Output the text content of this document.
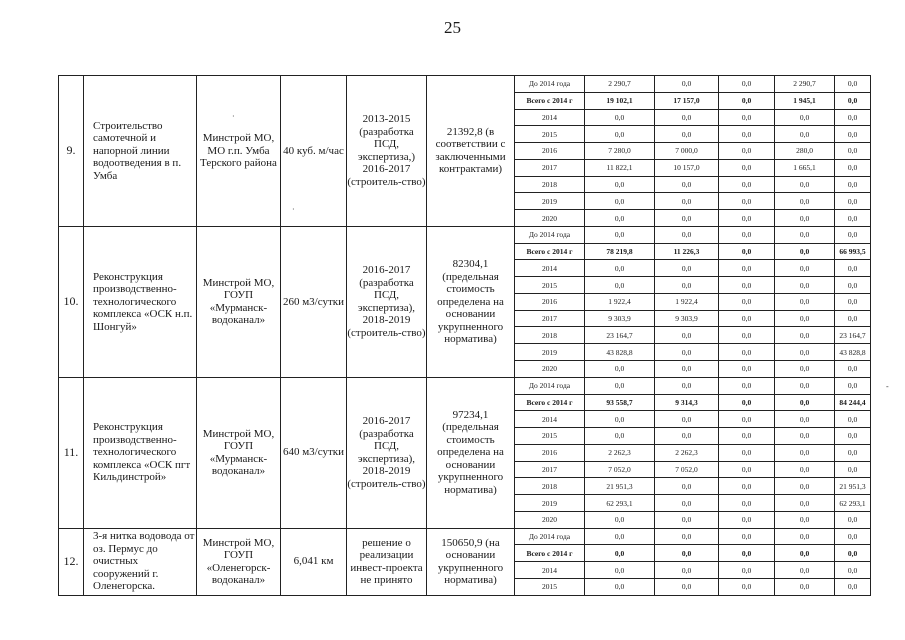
25
9.	Строительство самотечной и напорной линии водоотведения в п. Умба	Минстрой МО, МО г.п. Умба Терского района	40 куб. м/час	2013-2015 (разработка ПСД, экспертиза,) 2016-2017 (строитель-ство)	21392,8 (в соответствии с заключенными контрактами)	До 2014 года	2 290,7	0,0	0,0	2 290,7	0,0	
						Всего с 2014 г	19 102,1	17 157,0	0,0	1 945,1	0,0	
						2014	0,0	0,0	0,0	0,0	0,0	
						2015	0,0	0,0	0,0	0,0	0,0	
						2016	7 280,0	7 000,0	0,0	280,0	0,0	
						2017	11 822,1	10 157,0	0,0	1 665,1	0,0	
						2018	0,0	0,0	0,0	0,0	0,0	
						2019	0,0	0,0	0,0	0,0	0,0	
						2020	0,0	0,0	0,0	0,0	0,0	
10.	Реконструкция производственно-технологического комплекса «ОСК н.п. Шонгуй»	Минстрой МО, ГОУП «Мурманск-водоканал»	260 м3/сутки	2016-2017 (разработка ПСД, экспертиза), 2018-2019 (строитель-ство)	82304,1 (предельная стоимость определена на основании укрупненного норматива)	До 2014 года	0,0	0,0	0,0	0,0	0,0	
						Всего с 2014 г	78 219,8	11 226,3	0,0	0,0	66 993,5	
						2014	0,0	0,0	0,0	0,0	0,0	
						2015	0,0	0,0	0,0	0,0	0,0	
						2016	1 922,4	1 922,4	0,0	0,0	0,0	
						2017	9 303,9	9 303,9	0,0	0,0	0,0	
						2018	23 164,7	0,0	0,0	0,0	23 164,7	
						2019	43 828,8	0,0	0,0	0,0	43 828,8	
						2020	0,0	0,0	0,0	0,0	0,0	
11.	Реконструкция производственно-технологического комплекса «ОСК пгт Кильдинстрой»	Минстрой МО, ГОУП «Мурманск-водоканал»	640 м3/сутки	2016-2017 (разработка ПСД, экспертиза), 2018-2019 (строитель-ство)	97234,1 (предельная стоимость определена на основании укрупненного норматива)	До 2014 года	0,0	0,0	0,0	0,0	0,0	
						Всего с 2014 г	93 558,7	9 314,3	0,0	0,0	84 244,4	
						2014	0,0	0,0	0,0	0,0	0,0	
						2015	0,0	0,0	0,0	0,0	0,0	
						2016	2 262,3	2 262,3	0,0	0,0	0,0	
						2017	7 052,0	7 052,0	0,0	0,0	0,0	
						2018	21 951,3	0,0	0,0	0,0	21 951,3	
						2019	62 293,1	0,0	0,0	0,0	62 293,1	
						2020	0,0	0,0	0,0	0,0	0,0	
12.	3-я нитка водовода от оз. Пермус до очистных сооружений г. Оленегорска.	Минстрой МО, ГОУП «Оленегорск-водоканал»	6,041 км	решение о реализации инвест-проекта не принято	150650,9 (на основании укрупненного норматива)	До 2014 года	0,0	0,0	0,0	0,0	0,0	
						Всего с 2014 г	0,0	0,0	0,0	0,0	0,0	
						2014	0,0	0,0	0,0	0,0	0,0	
						2015	0,0	0,0	0,0	0,0	0,0	
·
·
-
